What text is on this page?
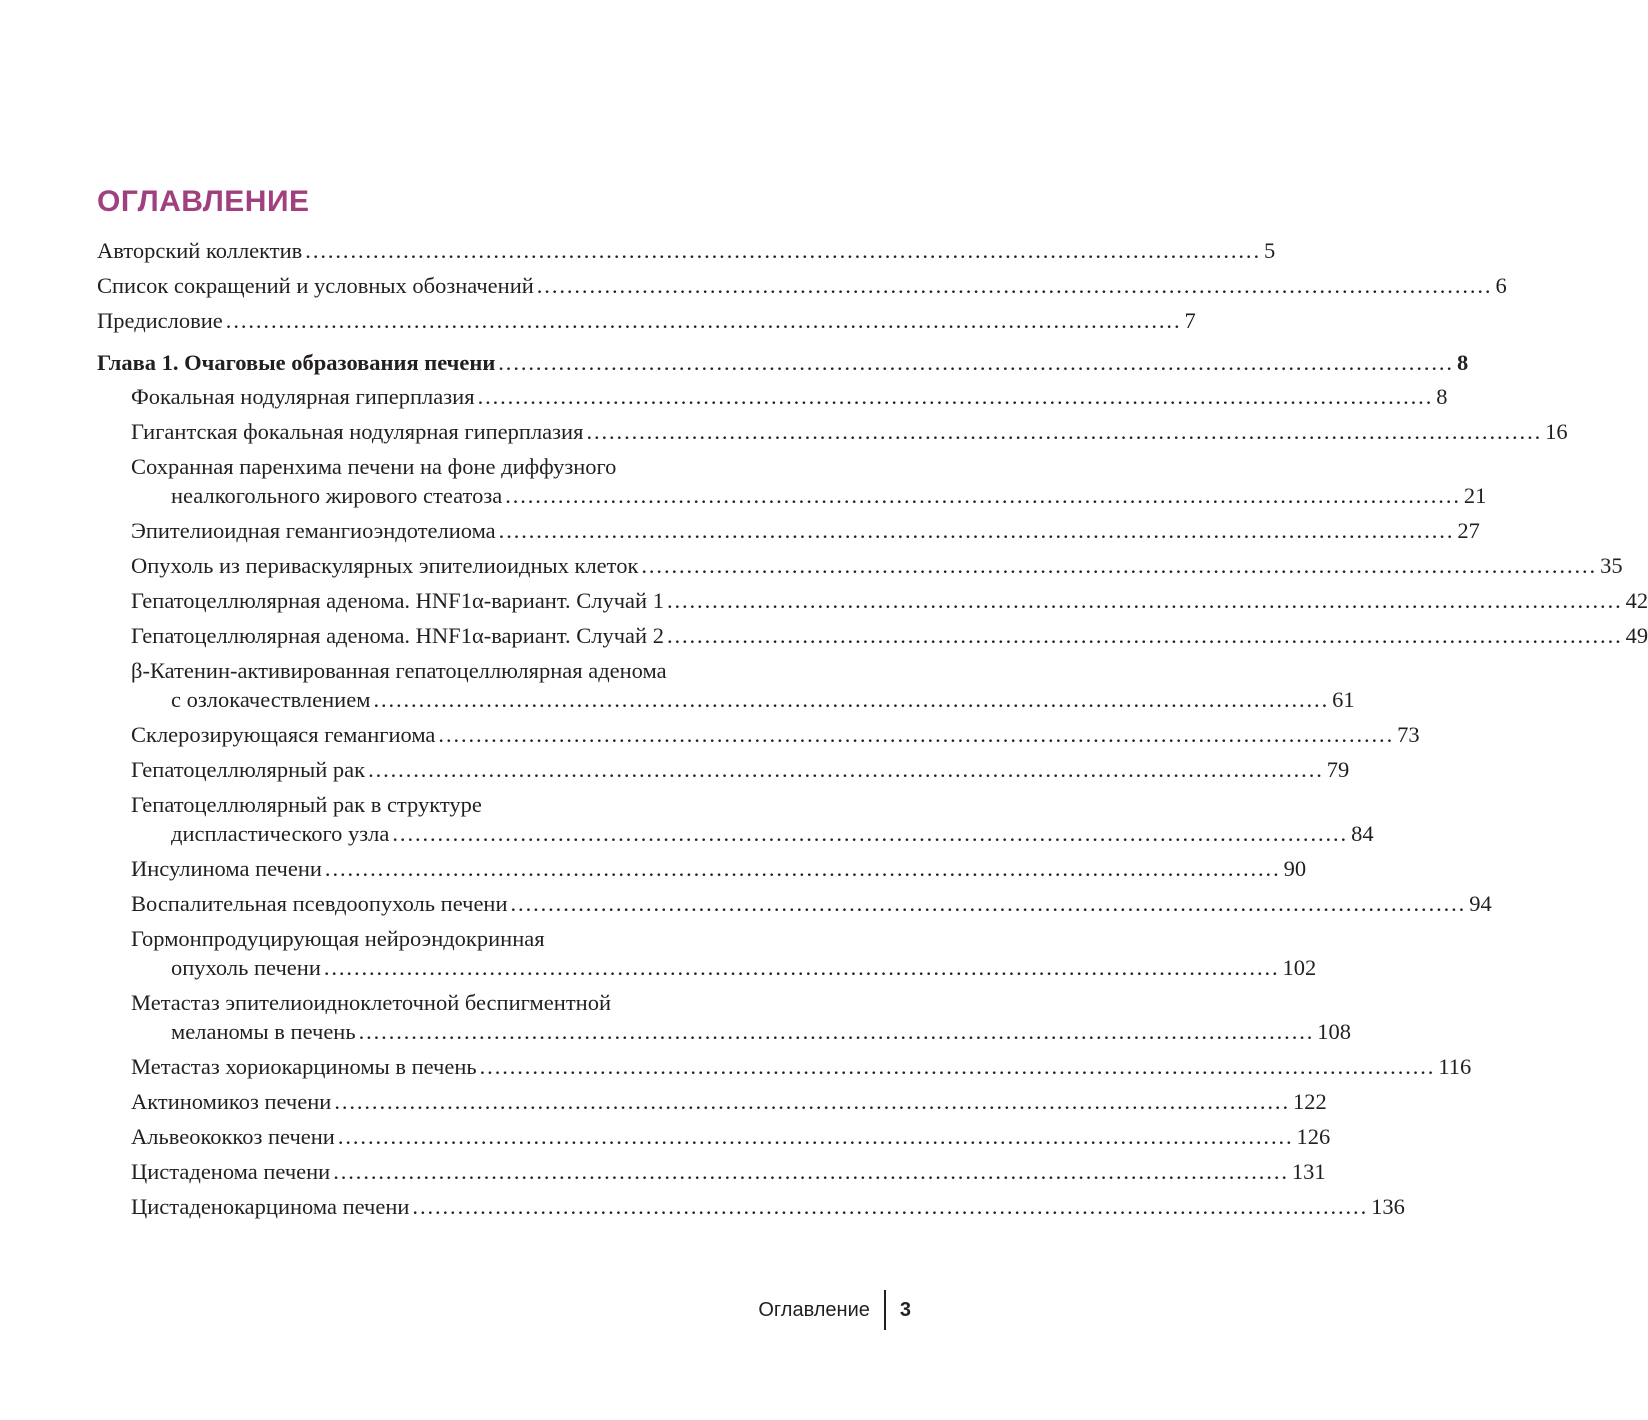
ОГЛАВЛЕНИЕ
Авторский коллектив ............................................................................................................................... 5
Список сокращений и условных обозначений ............................................................................................................................... 6
Предисловие ............................................................................................................................... 7
Глава 1. Очаговые образования печени ............................................................................................................................... 8
Фокальная нодулярная гиперплазия ............................................................................................................................... 8
Гигантская фокальная нодулярная гиперплазия ............................................................................................................................... 16
Сохранная паренхима печени на фоне диффузного
неалкогольного жирового стеатоза ............................................................................................................................... 21
Эпителиоидная гемангиоэндотелиома ............................................................................................................................... 27
Опухоль из периваскулярных эпителиоидных клеток ............................................................................................................................... 35
Гепатоцеллюлярная аденома. HNF1α-вариант. Случай 1 ............................................................................................................................... 42
Гепатоцеллюлярная аденома. HNF1α-вариант. Случай 2 ............................................................................................................................... 49
β-Катенин-активированная гепатоцеллюлярная аденома
с озлокачествлением ............................................................................................................................... 61
Склерозирующаяся гемангиома ............................................................................................................................... 73
Гепатоцеллюлярный рак ............................................................................................................................... 79
Гепатоцеллюлярный рак в структуре
диспластического узла ............................................................................................................................... 84
Инсулинома печени ............................................................................................................................... 90
Воспалительная псевдоопухоль печени ............................................................................................................................... 94
Гормонпродуцирующая нейроэндокринная
опухоль печени ............................................................................................................................... 102
Метастаз эпителиоидноклеточной беспигментной
меланомы в печень ............................................................................................................................... 108
Метастаз хориокарциномы в печень ............................................................................................................................... 116
Актиномикоз печени ............................................................................................................................... 122
Альвеококкоз печени ............................................................................................................................... 126
Цистаденома печени ............................................................................................................................... 131
Цистаденокарцинома печени ............................................................................................................................... 136
Оглавление	3
